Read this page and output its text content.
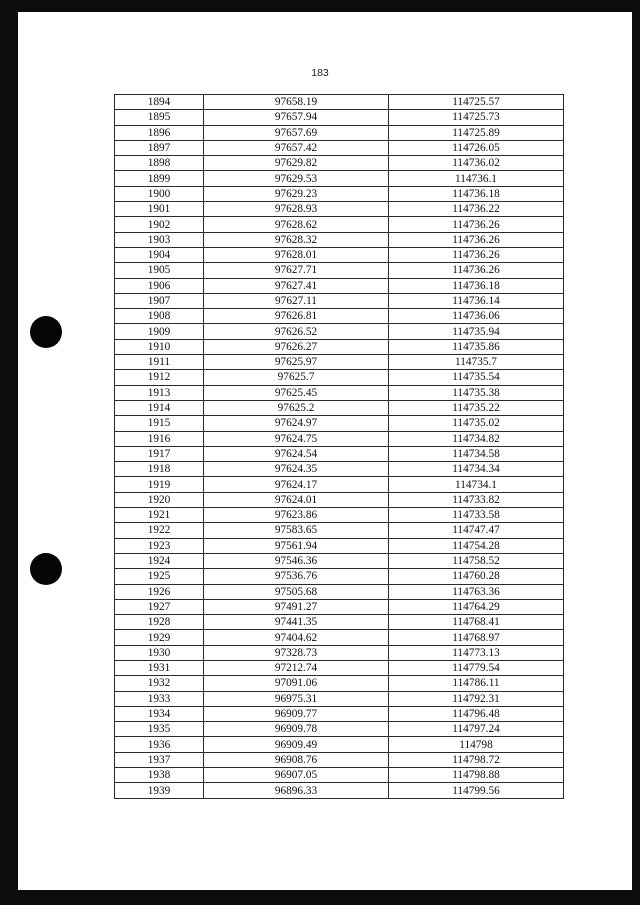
183
1894	97658.19	114725.57
1895	97657.94	114725.73
1896	97657.69	114725.89
1897	97657.42	114726.05
1898	97629.82	114736.02
1899	97629.53	114736.1
1900	97629.23	114736.18
1901	97628.93	114736.22
1902	97628.62	114736.26
1903	97628.32	114736.26
1904	97628.01	114736.26
1905	97627.71	114736.26
1906	97627.41	114736.18
1907	97627.11	114736.14
1908	97626.81	114736.06
1909	97626.52	114735.94
1910	97626.27	114735.86
1911	97625.97	114735.7
1912	97625.7	114735.54
1913	97625.45	114735.38
1914	97625.2	114735.22
1915	97624.97	114735.02
1916	97624.75	114734.82
1917	97624.54	114734.58
1918	97624.35	114734.34
1919	97624.17	114734.1
1920	97624.01	114733.82
1921	97623.86	114733.58
1922	97583.65	114747.47
1923	97561.94	114754.28
1924	97546.36	114758.52
1925	97536.76	114760.28
1926	97505.68	114763.36
1927	97491.27	114764.29
1928	97441.35	114768.41
1929	97404.62	114768.97
1930	97328.73	114773.13
1931	97212.74	114779.54
1932	97091.06	114786.11
1933	96975.31	114792.31
1934	96909.77	114796.48
1935	96909.78	114797.24
1936	96909.49	114798
1937	96908.76	114798.72
1938	96907.05	114798.88
1939	96896.33	114799.56
